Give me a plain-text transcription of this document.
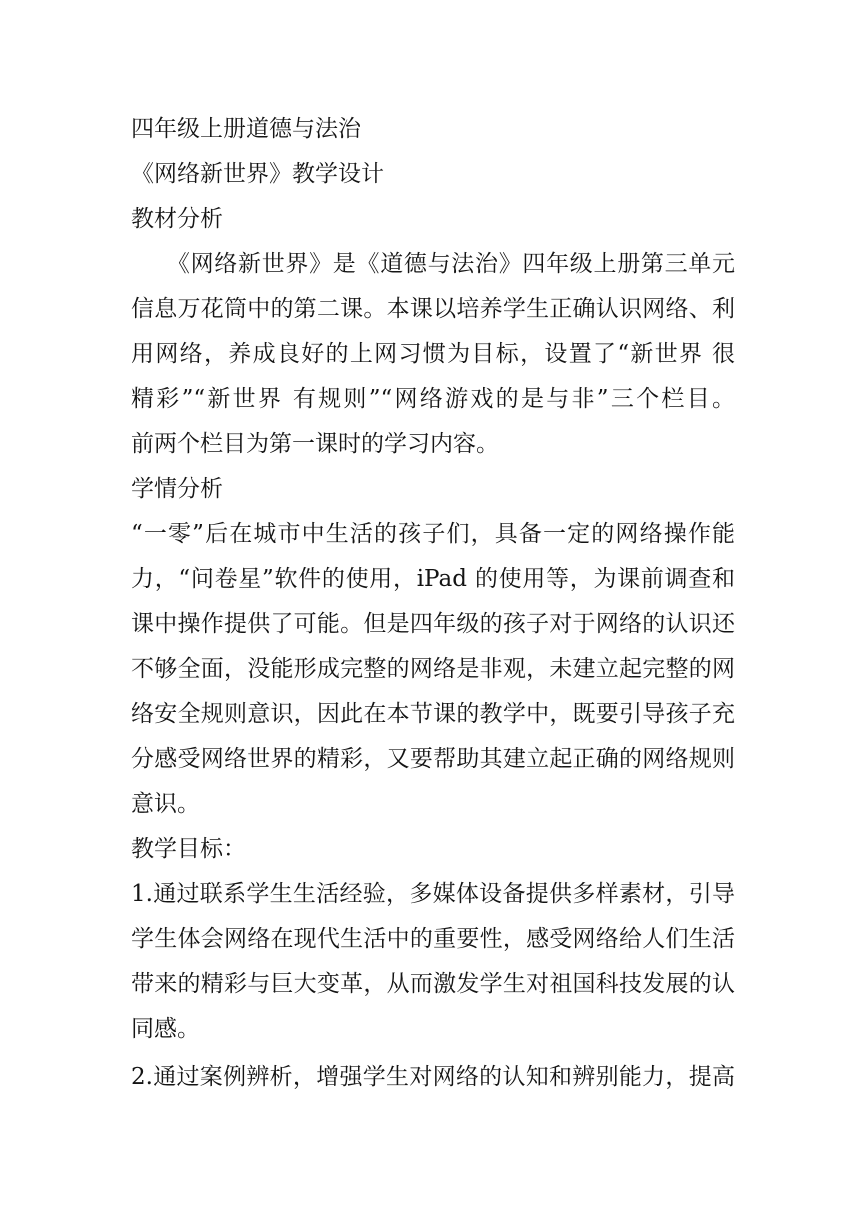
四年级上册道德与法治
《网络新世界》教学设计
教材分析
　　《网络新世界》是《道德与法治》四年级上册第三单元
信息万花筒中的第二课。本课以培养学生正确认识网络、利
用网络，养成良好的上网习惯为目标，设置了“新世界 很
精彩”“新世界 有规则”“网络游戏的是与非”三个栏目。
前两个栏目为第一课时的学习内容。
学情分析
“一零”后在城市中生活的孩子们，具备一定的网络操作能
力，“问卷星”软件的使用，iPad 的使用等，为课前调查和
课中操作提供了可能。但是四年级的孩子对于网络的认识还
不够全面，没能形成完整的网络是非观，未建立起完整的网
络安全规则意识，因此在本节课的教学中，既要引导孩子充
分感受网络世界的精彩，又要帮助其建立起正确的网络规则
意识。
教学目标：
1.通过联系学生生活经验，多媒体设备提供多样素材，引导
学生体会网络在现代生活中的重要性，感受网络给人们生活
带来的精彩与巨大变革，从而激发学生对祖国科技发展的认
同感。
2.通过案例辨析，增强学生对网络的认知和辨别能力，提高
